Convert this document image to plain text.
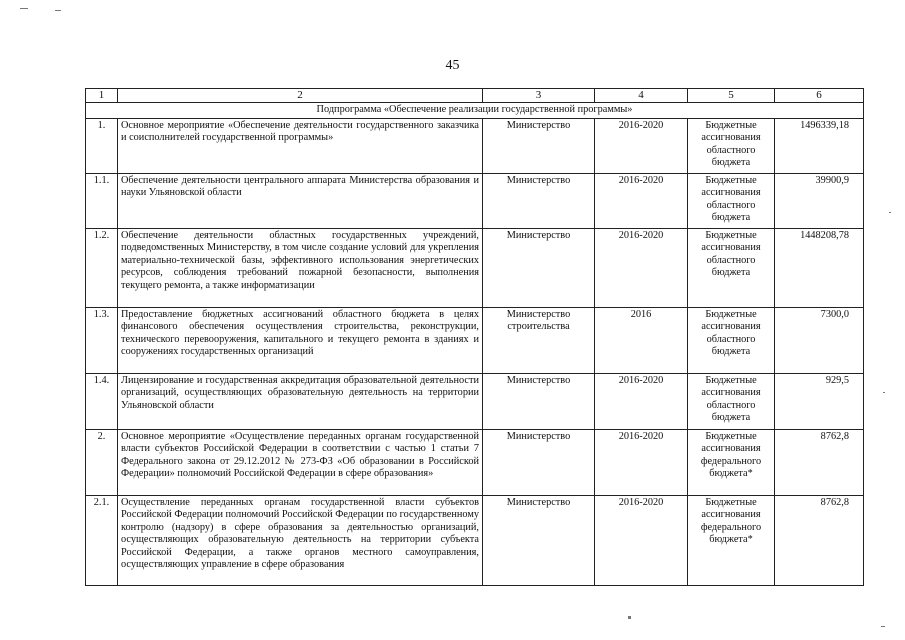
45
1	2	3	4	5	6
Подпрограмма «Обеспечение реализации государственной программы»					
1.	Основное мероприятие «Обеспечение деятельности государственного заказчика и соисполнителей государственной программы»	Министерство	2016-2020	Бюджетные ассигнования областного бюджета	1496339,18
1.1.	Обеспечение деятельности центрального аппарата Министерства образования и науки Ульяновской области	Министерство	2016-2020	Бюджетные ассигнования областного бюджета	39900,9
1.2.	Обеспечение деятельности областных государственных учреждений, подведомственных Министерству, в том числе создание условий для укрепления материально-технической базы, эффективного использования энергетических ресурсов, соблюдения требований пожарной безопасности, выполнения текущего ремонта, а также информатизации	Министерство	2016-2020	Бюджетные ассигнования областного бюджета	1448208,78
1.3.	Предоставление бюджетных ассигнований областного бюджета в целях финансового обеспечения осуществления строительства, реконструкции, технического перевооружения, капитального и текущего ремонта в зданиях и сооружениях государственных организаций	Министерство строительства	2016	Бюджетные ассигнования областного бюджета	7300,0
1.4.	Лицензирование и государственная аккредитация образовательной деятельности организаций, осуществляющих образовательную деятельность на территории Ульяновской области	Министерство	2016-2020	Бюджетные ассигнования областного бюджета	929,5
2.	Основное мероприятие «Осуществление переданных органам государственной власти субъектов Российской Федерации в соответствии с частью 1 статьи 7 Федерального закона от 29.12.2012 № 273-ФЗ «Об образовании в Российской Федерации» полномочий Российской Федерации в сфере образования»	Министерство	2016-2020	Бюджетные ассигнования федерального бюджета*	8762,8
2.1.	Осуществление переданных органам государственной власти субъектов Российской Федерации полномочий Российской Федерации по государственному контролю (надзору) в сфере образования за деятельностью организаций, осуществляющих образовательную деятельность на территории субъекта Российской Федерации, а также органов местного самоуправления, осуществляющих управление в сфере образования	Министерство	2016-2020	Бюджетные ассигнования федерального бюджета*	8762,8
